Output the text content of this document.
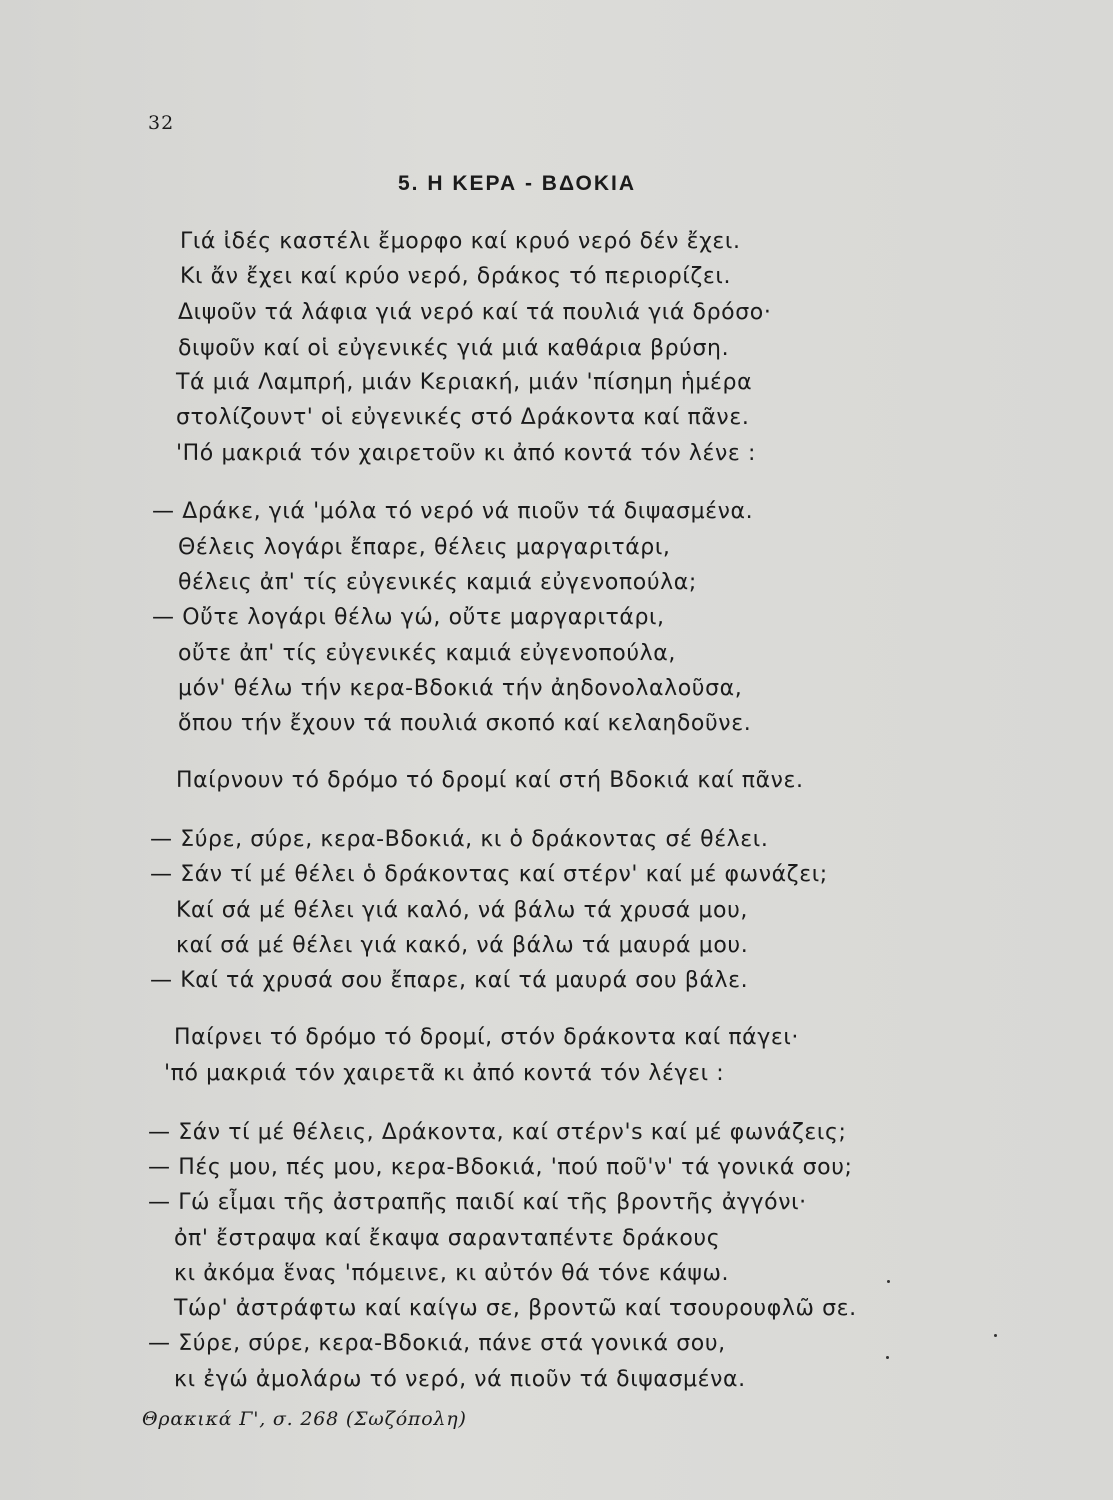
32
5. Η ΚΕΡΑ - ΒΔΟΚΙΑ
Γιά ἰδές καστέλι ἔμορφο καί κρυό νερό δέν ἔχει.
Κι ἄν ἔχει καί κρύο νερό, δράκος τό περιορίζει.
Διψοῦν τά λάφια γιά νερό καί τά πουλιά γιά δρόσο·
διψοῦν καί οἱ εὐγενικές γιά μιά καθάρια βρύση.
Τά μιά Λαμπρή, μιάν Κεριακή, μιάν 'πίσημη ἡμέρα
στολίζουντ' οἱ εὐγενικές στό Δράκοντα καί πᾶνε.
'Πό μακριά τόν χαιρετοῦν κι ἀπό κοντά τόν λένε :
— Δράκε, γιά 'μόλα τό νερό νά πιοῦν τά διψασμένα.
Θέλεις λογάρι ἔπαρε, θέλεις μαργαριτάρι,
θέλεις ἀπ' τίς εὐγενικές καμιά εὐγενοπούλα;
— Οὔτε λογάρι θέλω γώ, οὔτε μαργαριτάρι,
οὔτε ἀπ' τίς εὐγενικές καμιά εὐγενοπούλα,
μόν' θέλω τήν κερα-Βδοκιά τήν ἀηδονολαλοῦσα,
ὅπου τήν ἔχουν τά πουλιά σκοπό καί κελαηδοῦνε.
Παίρνουν τό δρόμο τό δρομί καί στή Βδοκιά καί πᾶνε.
— Σύρε, σύρε, κερα-Βδοκιά, κι ὁ δράκοντας σέ θέλει.
— Σάν τί μέ θέλει ὁ δράκοντας καί στέρν' καί μέ φωνάζει;
Καί σά μέ θέλει γιά καλό, νά βάλω τά χρυσά μου,
καί σά μέ θέλει γιά κακό, νά βάλω τά μαυρά μου.
— Καί τά χρυσά σου ἔπαρε, καί τά μαυρά σου βάλε.
Παίρνει τό δρόμο τό δρομί, στόν δράκοντα καί πάγει·
'πό μακριά τόν χαιρετᾶ κι ἀπό κοντά τόν λέγει :
— Σάν τί μέ θέλεις, Δράκοντα, καί στέρν's καί μέ φωνάζεις;
— Πές μου, πές μου, κερα-Βδοκιά, 'πού ποῦ'ν' τά γονικά σου;
— Γώ εἶμαι τῆς ἀστραπῆς παιδί καί τῆς βροντῆς ἀγγόνι·
ὀπ' ἔστραψα καί ἔκαψα σαρανταπέντε δράκους
κι ἀκόμα ἕνας 'πόμεινε, κι αὐτόν θά τόνε κάψω.
Τώρ' ἀστράφτω καί καίγω σε, βροντῶ καί τσουρουφλῶ σε.
— Σύρε, σύρε, κερα-Βδοκιά, πάνε στά γονικά σου,
κι ἐγώ ἀμολάρω τό νερό, νά πιοῦν τά διψασμένα.
Θρακικά Γ', σ. 268 (Σωζόπολη)
